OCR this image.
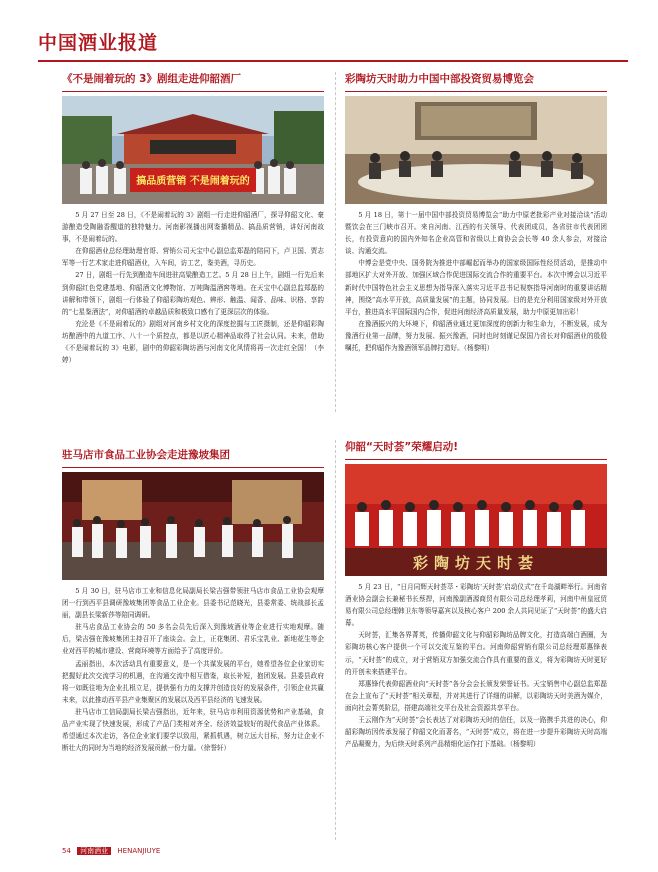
中国酒业报道
《不是闹着玩的 3》剧组走进仰韶酒厂
搞品质营销 不是闹着玩的

5 月 27 日至 28 日，《不是闹着玩的 3》剧组一行走进仰韶酒厂，探寻仰韶文化、豪游酿造受陶融香醒道的独特魅力。河南影视播出网鉴播精品、搞品质营销，讲好河南故事，不是闹着玩的。

在仰韶酒业总经理助理官哥、营销公司天宝中心副总监郑磊的陪同下，卢卫国、贾志军等一行艺术家走进仰韶酒业，入车间，访工艺，鉴美酒，寻历史。

27 日，剧组一行先到酿造车间进驻高粱酿造工艺。5 月 28 日上午，剧组一行先后来到仰韶红色党建基地、仰韶酒文化博物馆、万吨陶温酒窖等地。在天宝中心副总监郑磊的讲解和带领下，剧组一行体验了仰韶彩陶坊观色、辨形、触温、闻香、品味、识格、享韵的“七星鉴酒法”，对仰韶酒的卓越品质和极致口感有了更深层次的体验。

充沦是《不是闹着玩的》剧组对河南乡村文化的深度挖掘与工匠摄制，还是仰韶彩陶坊酿酒中的九道工序、八十一个质控点，都是以匠心精神品取得了社会认同。未来，借助《不是闹着玩的 3》电影，剧中的仰韶彩陶坊酒与河南文化风情将再一次走红全国！（李婷）

驻马店市食品工业协会走进豫坡集团

5 月 30 日，驻马店市工业和信息化局副局长梁吉强带领驻马店市食品工业协会观摩团一行到西平县调研豫坡集团等食品工业企业。县委书记范晓光，县委常委、统战部长孟丽，副县长梁新莎等陪同调研。

驻马店食品工业协会的 50 多名会员先后深入到豫坡酒业等企业进行实地观摩。随后，梁吉强在豫坡集团主持召开了座谈会。会上，正花集团、君乐宝乳业、新地花生等企业对西平的城市建设、营商环境等方面给予了高度评价。

孟丽指出，本次活动具有重要意义，是一个共谋发展的平台，她希望各位企业家切实把握好此次交流学习的机遇，在沟通交流中相互借鉴，取长补短，抱团发展。县委县政府将一如既往地为企业扎根立足，提供强有力的支撑并创造良好的发展条件，引领企业共赢未来，以此推动西平县产业集聚区的发展以及西平县经济的飞速发展。

驻马店市工信局副局长梁吉强指出，近年来，驻马店市利用资源优势和产业基础，食品产业实现了快速发展，形成了产品门类相对齐全、经济效益较好的现代食品产业体系。希望通过本次走访，各位企业家们要学以致用，紧抓机遇，树立远大目标，努力让企业不断壮大的同时为当地的经济发展贡献一份力量。（徐誉轩）

彩陶坊天时助力中国中部投资贸易博览会

5 月 18 日，第十一届中国中部投资贸易博览会“助力中原老批彩产业对接洽谈”活动暨饮会在三门峡市召开。来自河南、江西的有关领导、代表团成员，各省驻市代表团团长，有投资意向的国内外知名企业高管和省级以上商协会会长等 40 余人参会，对接洽谈、沟通交流。

中博会是党中央、国务院为推进中部崛起而举办的国家级国际性经贸活动，是推动中部地区扩大对外开放、加强区域合作促进国际交流合作的重要平台。本次中博会以习近平新时代中国特色社会主义思想为指导深入落实习近平总书记视察指导河南时的重要讲话精神，围绕“高水平开放，高质量发展”的主题，协同发展。目的是充分利用国家级对外开放平台，推进高水平国际国内合作，促进河南经济高质量发展，助力中原更加出彩！

在豫酒振兴的大环境下，仰韶酒业通过更加深度的创新力和生命力，不断发展，成为豫酒行业第一品牌，努力发展、振兴豫酒，同时也时刻谨记保国乃省长对仰韶酒业的殷殷嘱托，把仰韶作为豫酒领军品牌打造好。（杨黎明）

仰韶“天时荟”荣耀启动!
彩陶坊天时荟

5 月 23 日，“日月同辉天时荟萃・彩陶坊‘天时荟’启动仪式”在千岛湖畔举行。河南省酒业协会副会长兼秘书长蔡捍，河南豫副酒源商贸有限公司总经理孝莉，河南中州皇冠贸易有限公司总经理韩卫东等领导嘉宾以及核心客户 200 余人共同见证了“天时荟”的盛大启幕。

天时荟，汇集各界菁英，传播仰韶文化与仰韶彩陶坊品牌文化，打造高端白酒圈，为彩陶坊核心客户提供一个可以交流互鉴的平台。河南仰韶营销有限公司总经理郑惠锋表示，“天时荟”的成立，对于营销双方加强交流合作具有重要的意义，将为彩陶坊天时更好的开创未来搭建平台。

郑惠锋代表仰韶酒业向“天时荟”各分会会长颁发荣誉证书。天宝销售中心副总监郑磊在会上宣布了“天时荟”相关章程，并对其进行了详细的讲解，以彩陶坊天时美酒为媒介，面向社会菁英阶层，搭建高端社交平台及社会资源共享平台。

王云刚作为“天时荟”会长表达了对彩陶坊天时的信任，以及一路携手共进的决心，仰韶彩陶坊因传承发展了仰韶文化而著名，“天时荟”成立，将在进一步提升彩陶坊天时高端产品凝聚力，为后续天时系列产品精细化运作打下基础。（杨黎明）

54 河南酒业 HENANJIUYE
